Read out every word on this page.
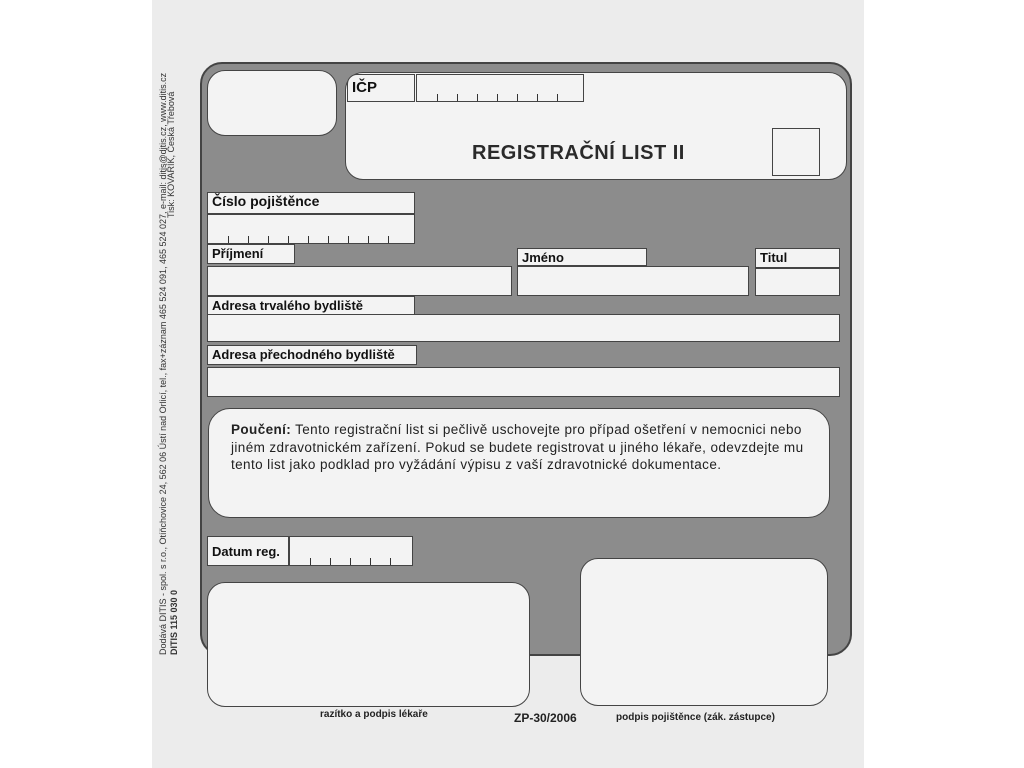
Dodává DITIS - spol. s r.o., Otíňchovice 24, 562 06 Ústí nad Orlicí, tel., fax+záznam 465 524 091, 465 524 027, e-mail: ditis@ditis.cz, www.ditis.cz DITIS 115 030 0
Tisk: KOVAŘÍK, Česká Třebová
IČP
REGISTRAČNÍ LIST II
Číslo pojištěnce
Příjmení	Jméno	Titul
Adresa trvalého bydliště
Adresa přechodného bydliště
Poučení: Tento registrační list si pečlivě uschovejte pro případ ošetření v nemocnici nebo jiném zdravotnickém zařízení. Pokud se budete registrovat u jiného lékaře, odevzdejte mu tento list jako podklad pro vyžádání výpisu z vaší zdravotnické dokumentace.
Datum reg.
razítko a podpis lékaře	ZP-30/2006	podpis pojištěnce (zák. zástupce)
